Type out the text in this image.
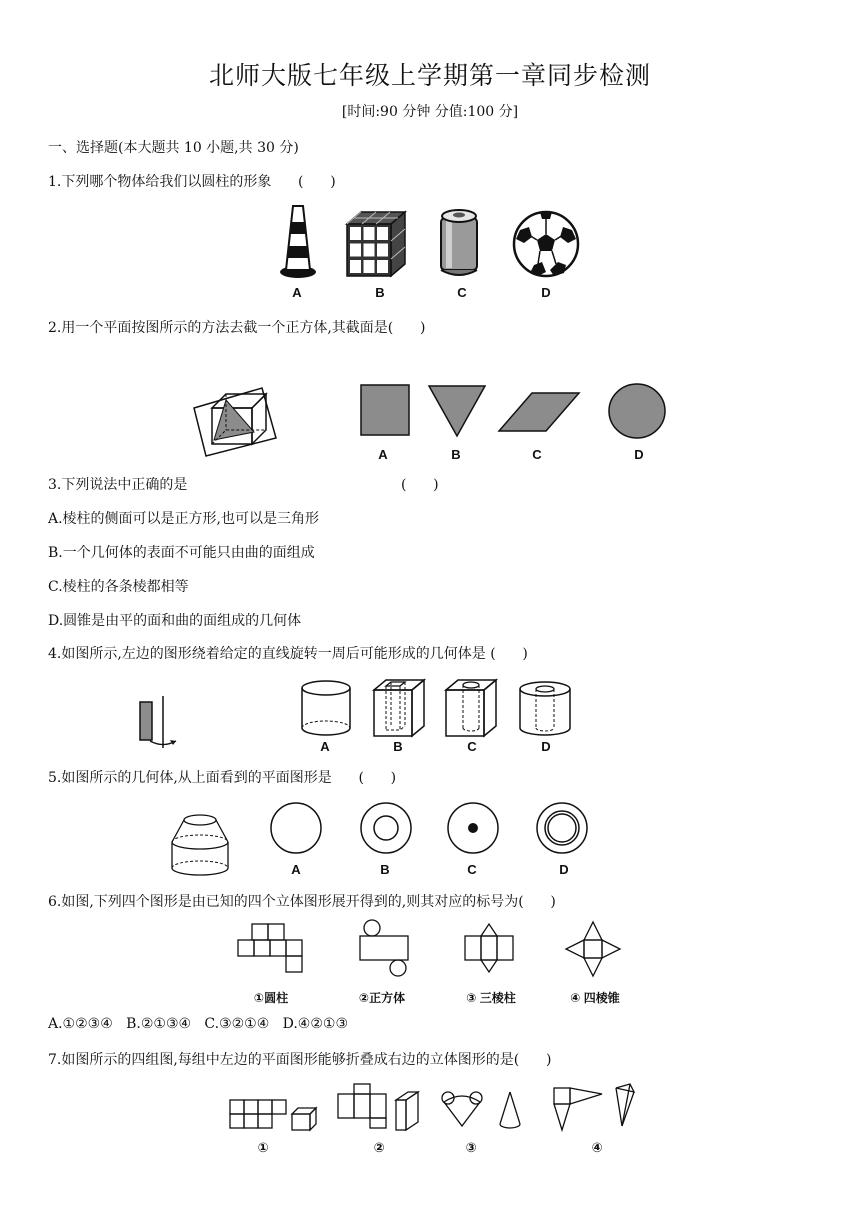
北师大版七年级上学期第一章同步检测
[时间:90 分钟 分值:100 分]
一、选择题(本大题共 10 小题,共 30 分)
1.下列哪个物体给我们以圆柱的形象      (      )
A	B	C	D
2.用一个平面按图所示的方法去截一个正方体,其截面是(      )
A	B	C	D
3.下列说法中正确的是                                                (      )
A.棱柱的侧面可以是正方形,也可以是三角形
B.一个几何体的表面不可能只由曲的面组成
C.棱柱的各条棱都相等
D.圆锥是由平的面和曲的面组成的几何体
4.如图所示,左边的图形绕着给定的直线旋转一周后可能形成的几何体是 (      )
A	B	C	D
5.如图所示的几何体,从上面看到的平面图形是      (      )
A	B	C	D
6.如图,下列四个图形是由已知的四个立体图形展开得到的,则其对应的标号为(      )
①圆柱	②正方体	③ 三棱柱	④ 四棱锥
A.①②③④   B.②①③④   C.③②①④   D.④②①③
7.如图所示的四组图,每组中左边的平面图形能够折叠成右边的立体图形的是(      )
①	②	③	④
